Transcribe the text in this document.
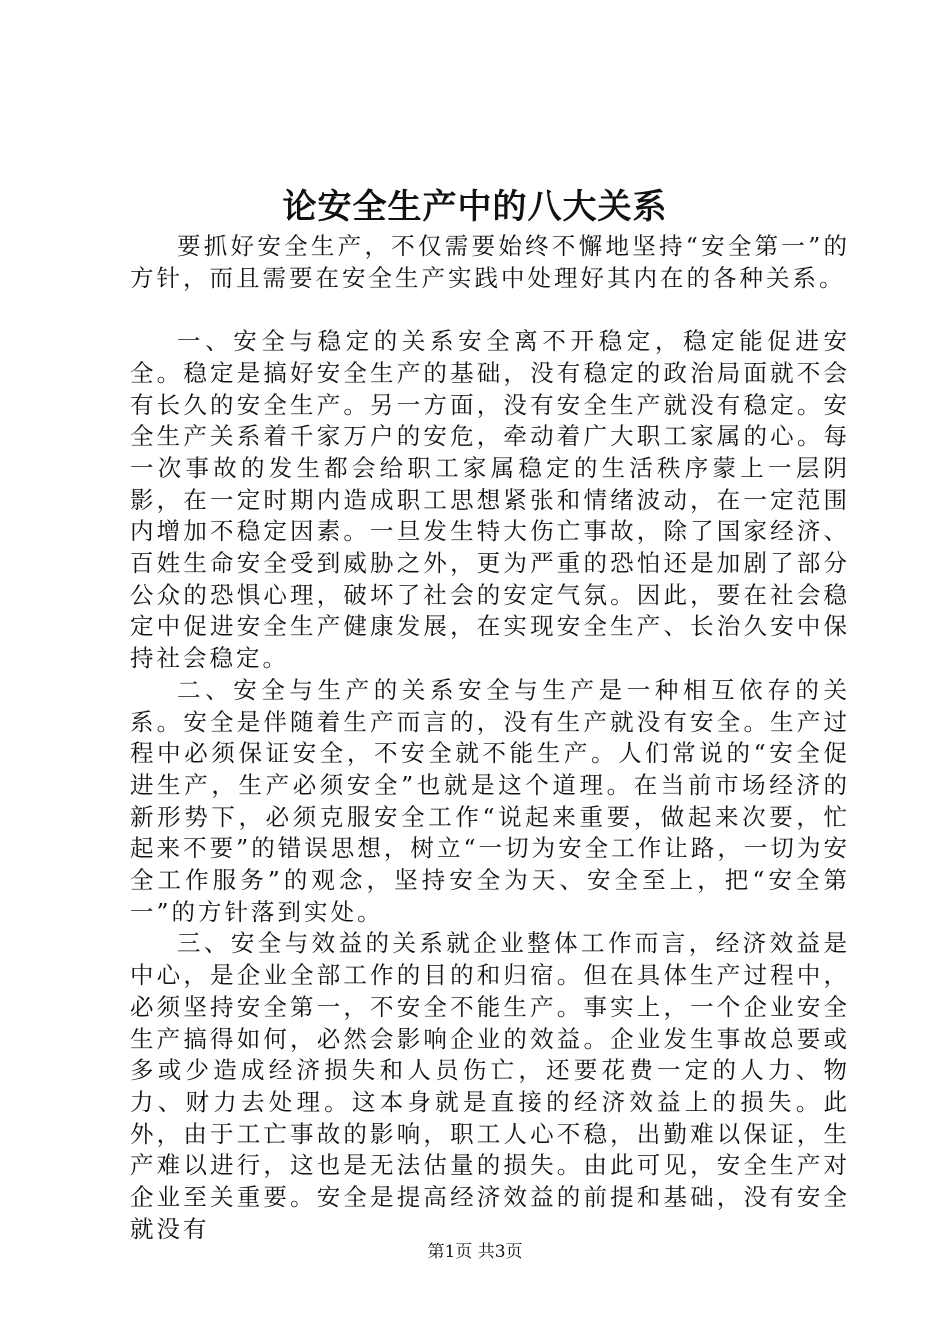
论安全生产中的八大关系

要抓好安全生产，不仅需要始终不懈地坚持“安全第一”的方针，而且需要在安全生产实践中处理好其内在的各种关系。

一、安全与稳定的关系安全离不开稳定，稳定能促进安全。稳定是搞好安全生产的基础，没有稳定的政治局面就不会有长久的安全生产。另一方面，没有安全生产就没有稳定。安全生产关系着千家万户的安危，牵动着广大职工家属的心。每一次事故的发生都会给职工家属稳定的生活秩序蒙上一层阴影，在一定时期内造成职工思想紧张和情绪波动，在一定范围内增加不稳定因素。一旦发生特大伤亡事故，除了国家经济、百姓生命安全受到威胁之外，更为严重的恐怕还是加剧了部分公众的恐惧心理，破坏了社会的安定气氛。因此，要在社会稳定中促进安全生产健康发展，在实现安全生产、长治久安中保持社会稳定。

二、安全与生产的关系安全与生产是一种相互依存的关系。安全是伴随着生产而言的，没有生产就没有安全。生产过程中必须保证安全，不安全就不能生产。人们常说的“安全促进生产，生产必须安全”也就是这个道理。在当前市场经济的新形势下，必须克服安全工作“说起来重要，做起来次要，忙起来不要”的错误思想，树立“一切为安全工作让路，一切为安全工作服务”的观念，坚持安全为天、安全至上，把“安全第一”的方针落到实处。

三、安全与效益的关系就企业整体工作而言，经济效益是中心，是企业全部工作的目的和归宿。但在具体生产过程中，必须坚持安全第一，不安全不能生产。事实上，一个企业安全生产搞得如何，必然会影响企业的效益。企业发生事故总要或多或少造成经济损失和人员伤亡，还要花费一定的人力、物力、财力去处理。这本身就是直接的经济效益上的损失。此外，由于工亡事故的影响，职工人心不稳，出勤难以保证，生产难以进行，这也是无法估量的损失。由此可见，安全生产对企业至关重要。安全是提高经济效益的前提和基础，没有安全就没有

第1页 共3页
